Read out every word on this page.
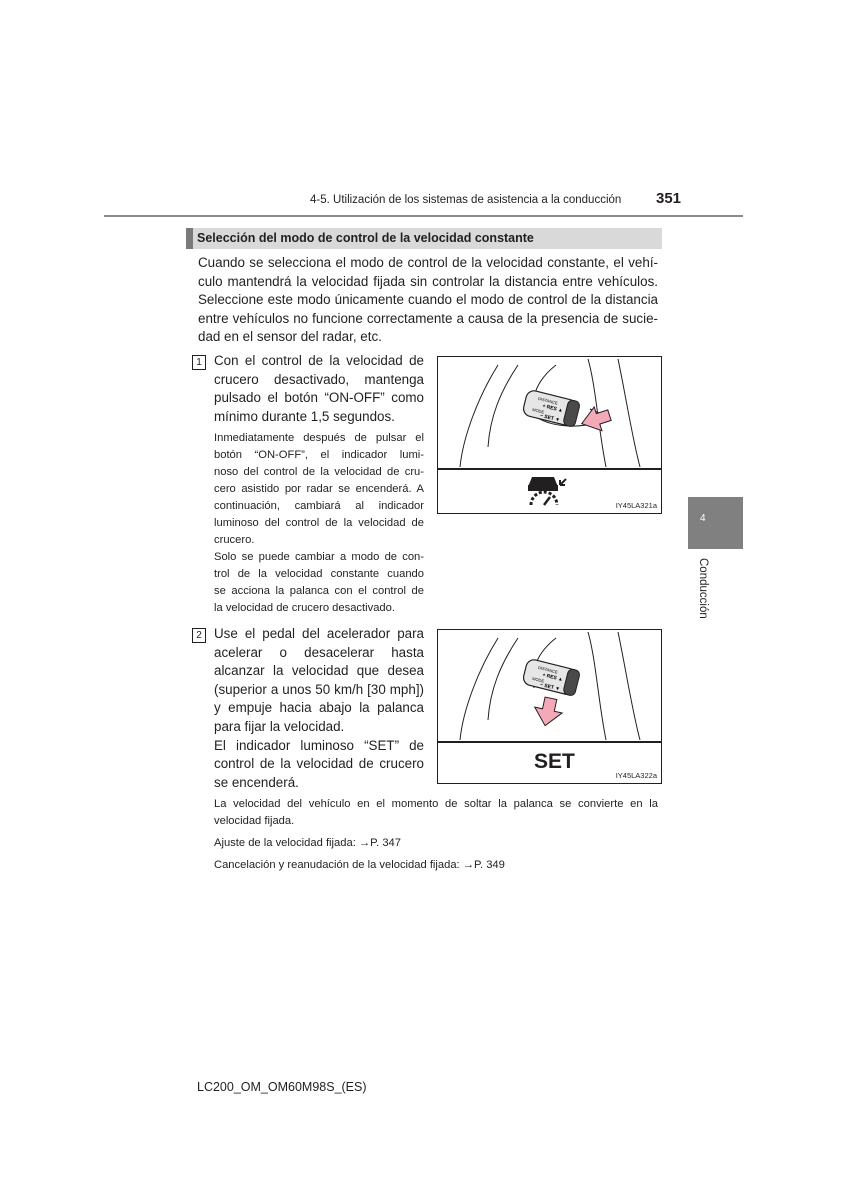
4-5. Utilización de los sistemas de asistencia a la conducción 351
Selección del modo de control de la velocidad constante
Cuando se selecciona el modo de control de la velocidad constante, el vehí-
culo mantendrá la velocidad fijada sin controlar la distancia entre vehículos.
Seleccione este modo únicamente cuando el modo de control de la distancia
entre vehículos no funcione correctamente a causa de la presencia de sucie-
dad en el sensor del radar, etc.
1 Con el control de la velocidad de
crucero desactivado, mantenga
pulsado el botón “ON-OFF” como
mínimo durante 1,5 segundos.
Inmediatamente después de pulsar el
botón “ON-OFF”, el indicador lumi-
noso del control de la velocidad de cru-
cero asistido por radar se encenderá. A
continuación, cambiará al indicador
luminoso del control de la velocidad de
crucero.
Solo se puede cambiar a modo de con-
trol de la velocidad constante cuando
se acciona la palanca con el control de
la velocidad de crucero desactivado.
DISTANCE
+ RES ▲
MODE
− SET ▼
IY45LA321a
2 Use el pedal del acelerador para
acelerar o desacelerar hasta
alcanzar la velocidad que desea
(superior a unos 50 km/h [30 mph])
y empuje hacia abajo la palanca
para fijar la velocidad.
El indicador luminoso “SET” de
control de la velocidad de crucero
se encenderá.
DISTANCE
+ RES ▲
MODE
− SET ▼
SET
IY45LA322a
La velocidad del vehículo en el momento de soltar la palanca se convierte en la
velocidad fijada.
Ajuste de la velocidad fijada: →P. 347
Cancelación y reanudación de la velocidad fijada: →P. 349
4
Conducción
LC200_OM_OM60M98S_(ES)
